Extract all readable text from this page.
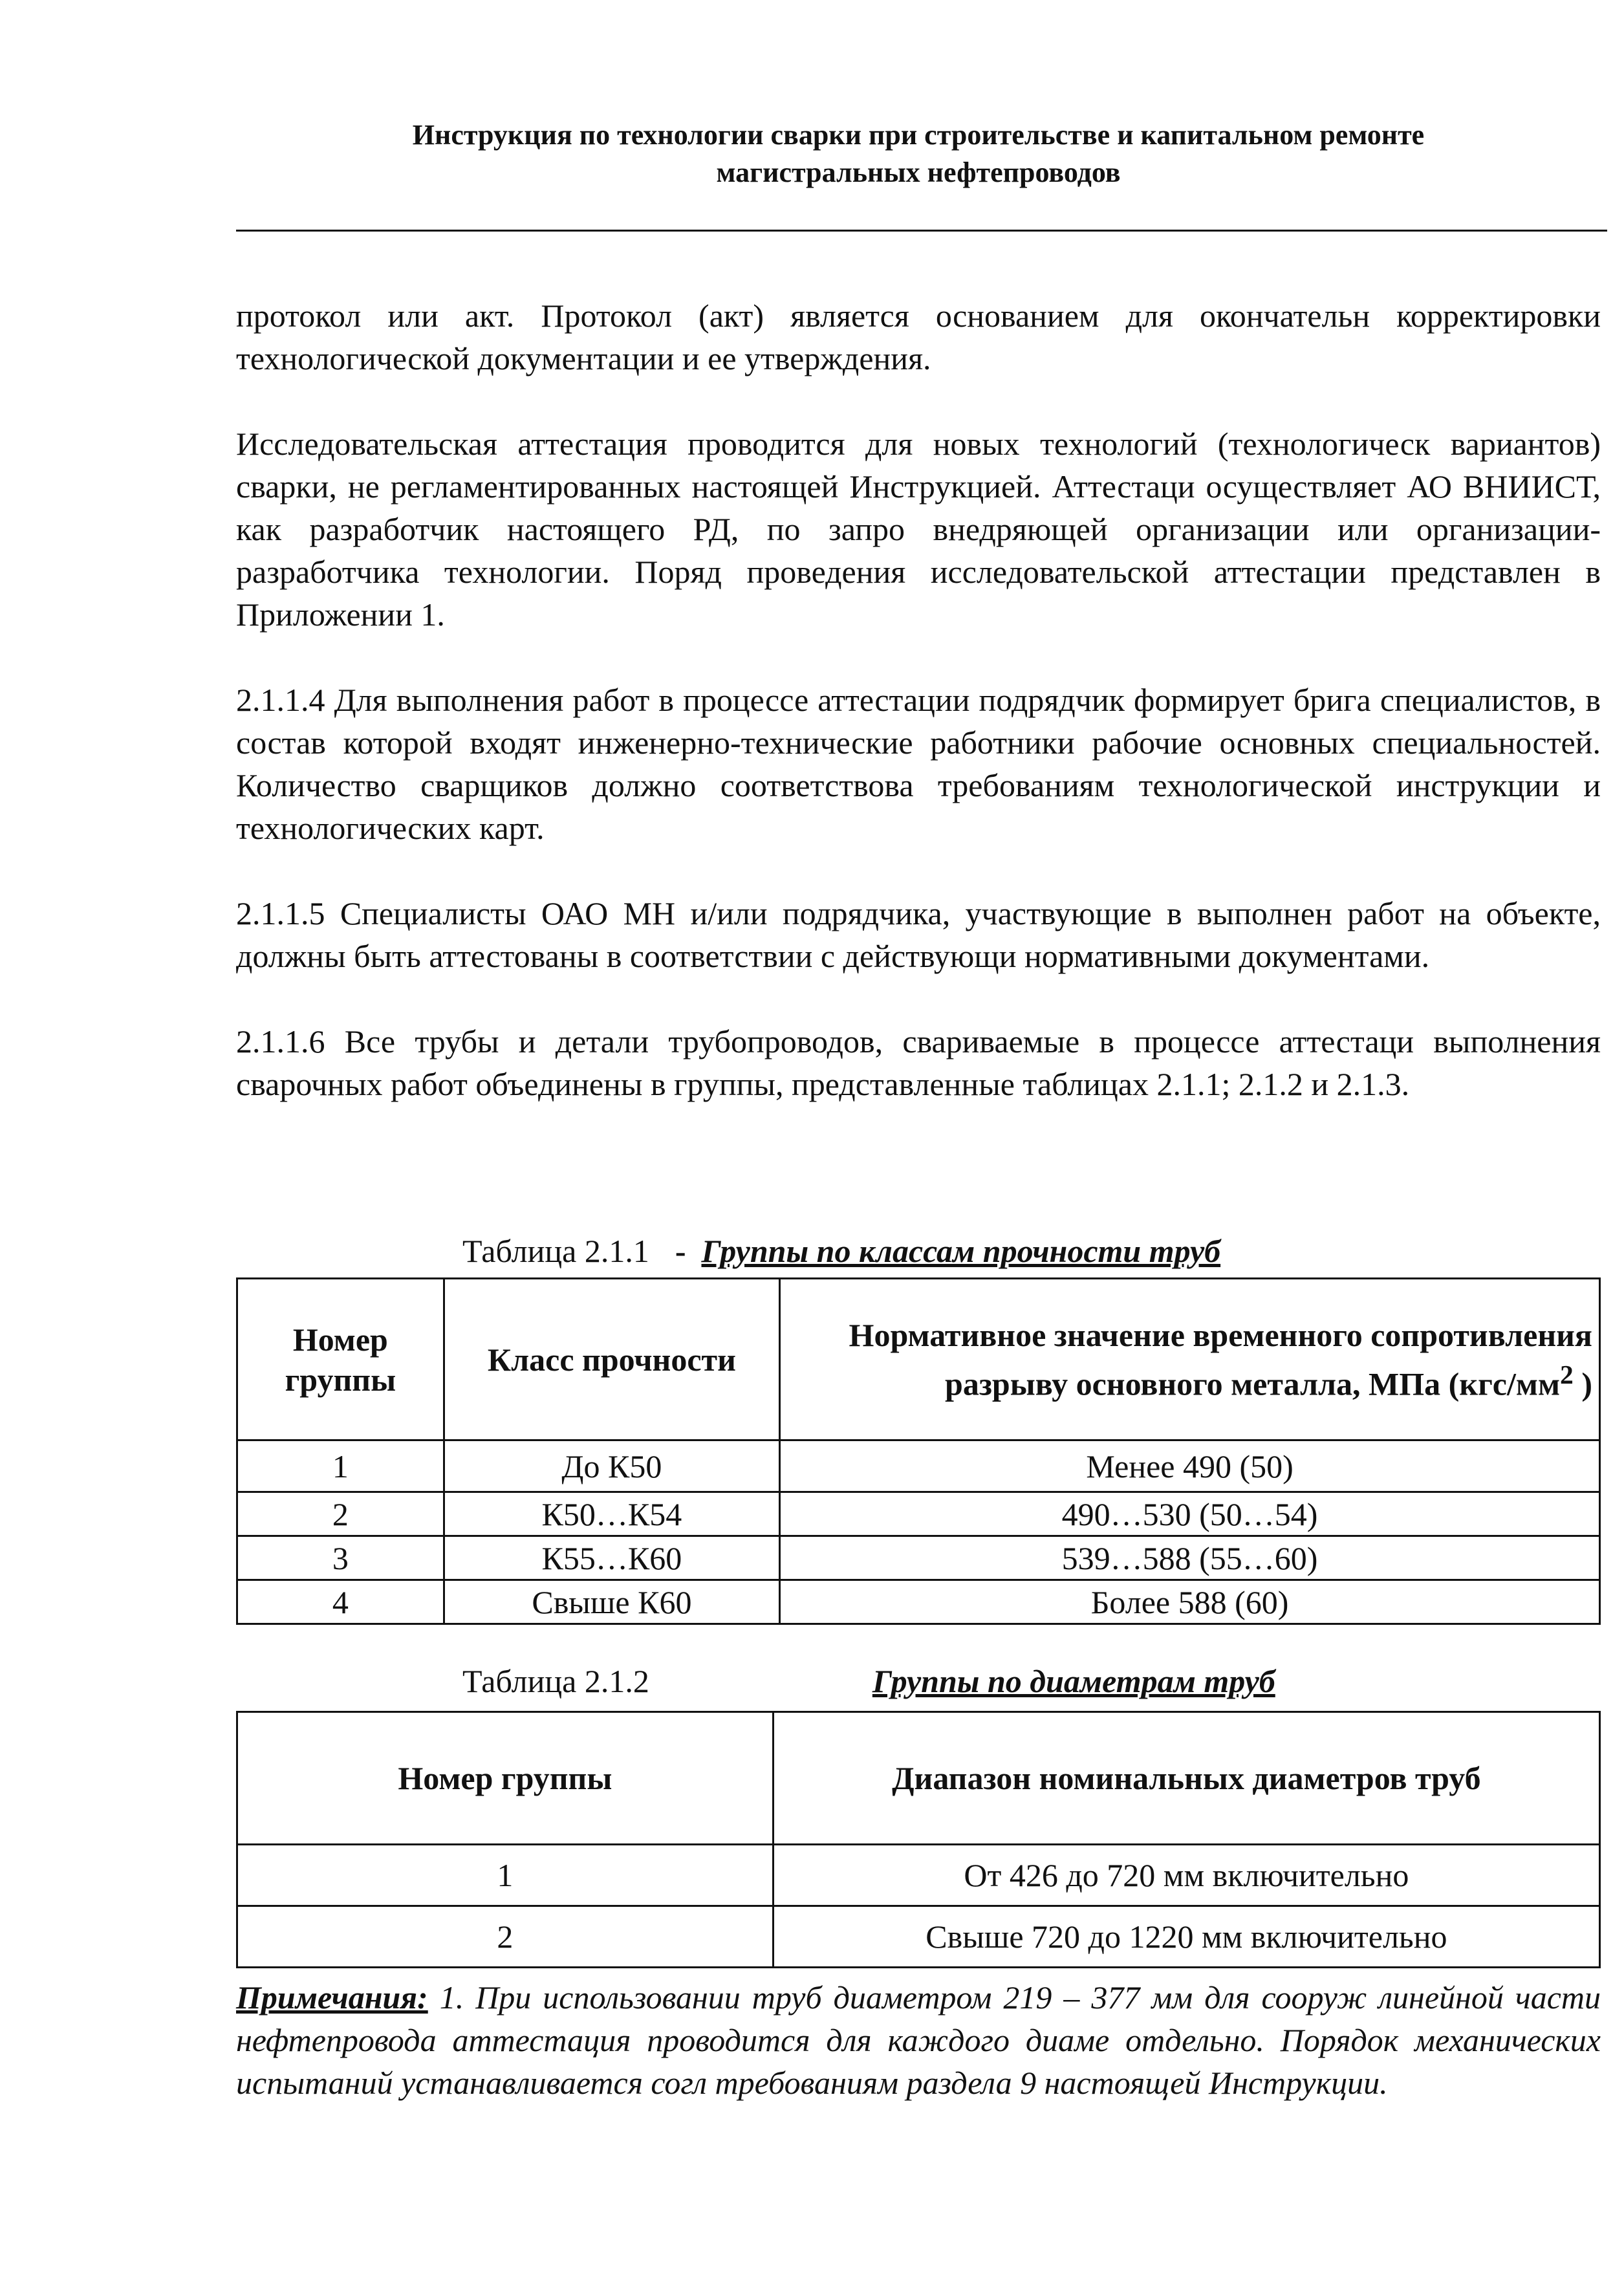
Инструкция по технологии сварки при строительстве и капитальном ремонте
магистральных нефтепроводов

протокол или акт. Протокол (акт) является основанием для окончательн корректировки технологической документации и ее утверждения.

Исследовательская аттестация проводится для новых технологий (технологическ вариантов) сварки, не регламентированных настоящей Инструкцией. Аттестаци осуществляет АО ВНИИСТ, как разработчик настоящего РД, по запро внедряющей организации или организации-разработчика технологии. Поряд проведения исследовательской аттестации представлен в Приложении 1.

2.1.1.4 Для выполнения работ в процессе аттестации подрядчик формирует брига специалистов, в состав которой входят инженерно-технические работники рабочие основных специальностей. Количество сварщиков должно соответствова требованиям технологической инструкции и технологических карт.

2.1.1.5 Специалисты ОАО МН и/или подрядчика, участвующие в выполнен работ на объекте, должны быть аттестованы в соответствии с действующи нормативными документами.

2.1.1.6 Все трубы и детали трубопроводов, свариваемые в процессе аттестаци выполнения сварочных работ объединены в группы, представленные таблицах 2.1.1; 2.1.2 и 2.1.3.

Таблица 2.1.1 - Группы по классам прочности труб
Номер группы	Класс прочности	Нормативное значение временного сопротивления разрыву основного металла, МПа ($кгс/мм^2$ )
1	До К50	Менее 490 (50)
2	К50…К54	490…530 (50…54)
3	К55…К60	539…588 (55…60)
4	Свыше К60	Более 588 (60)
Таблица 2.1.2	Группы по диаметрам труб
Номер группы	Диапазон номинальных диаметров труб
1	От 426 до 720 мм включительно
2	Свыше 720 до 1220 мм включительно
Примечания: 1. При использовании труб диаметром 219 – 377 мм для сооруж линейной части нефтепровода аттестация проводится для каждого диаме отдельно. Порядок механических испытаний устанавливается согл требованиям раздела 9 настоящей Инструкции.
